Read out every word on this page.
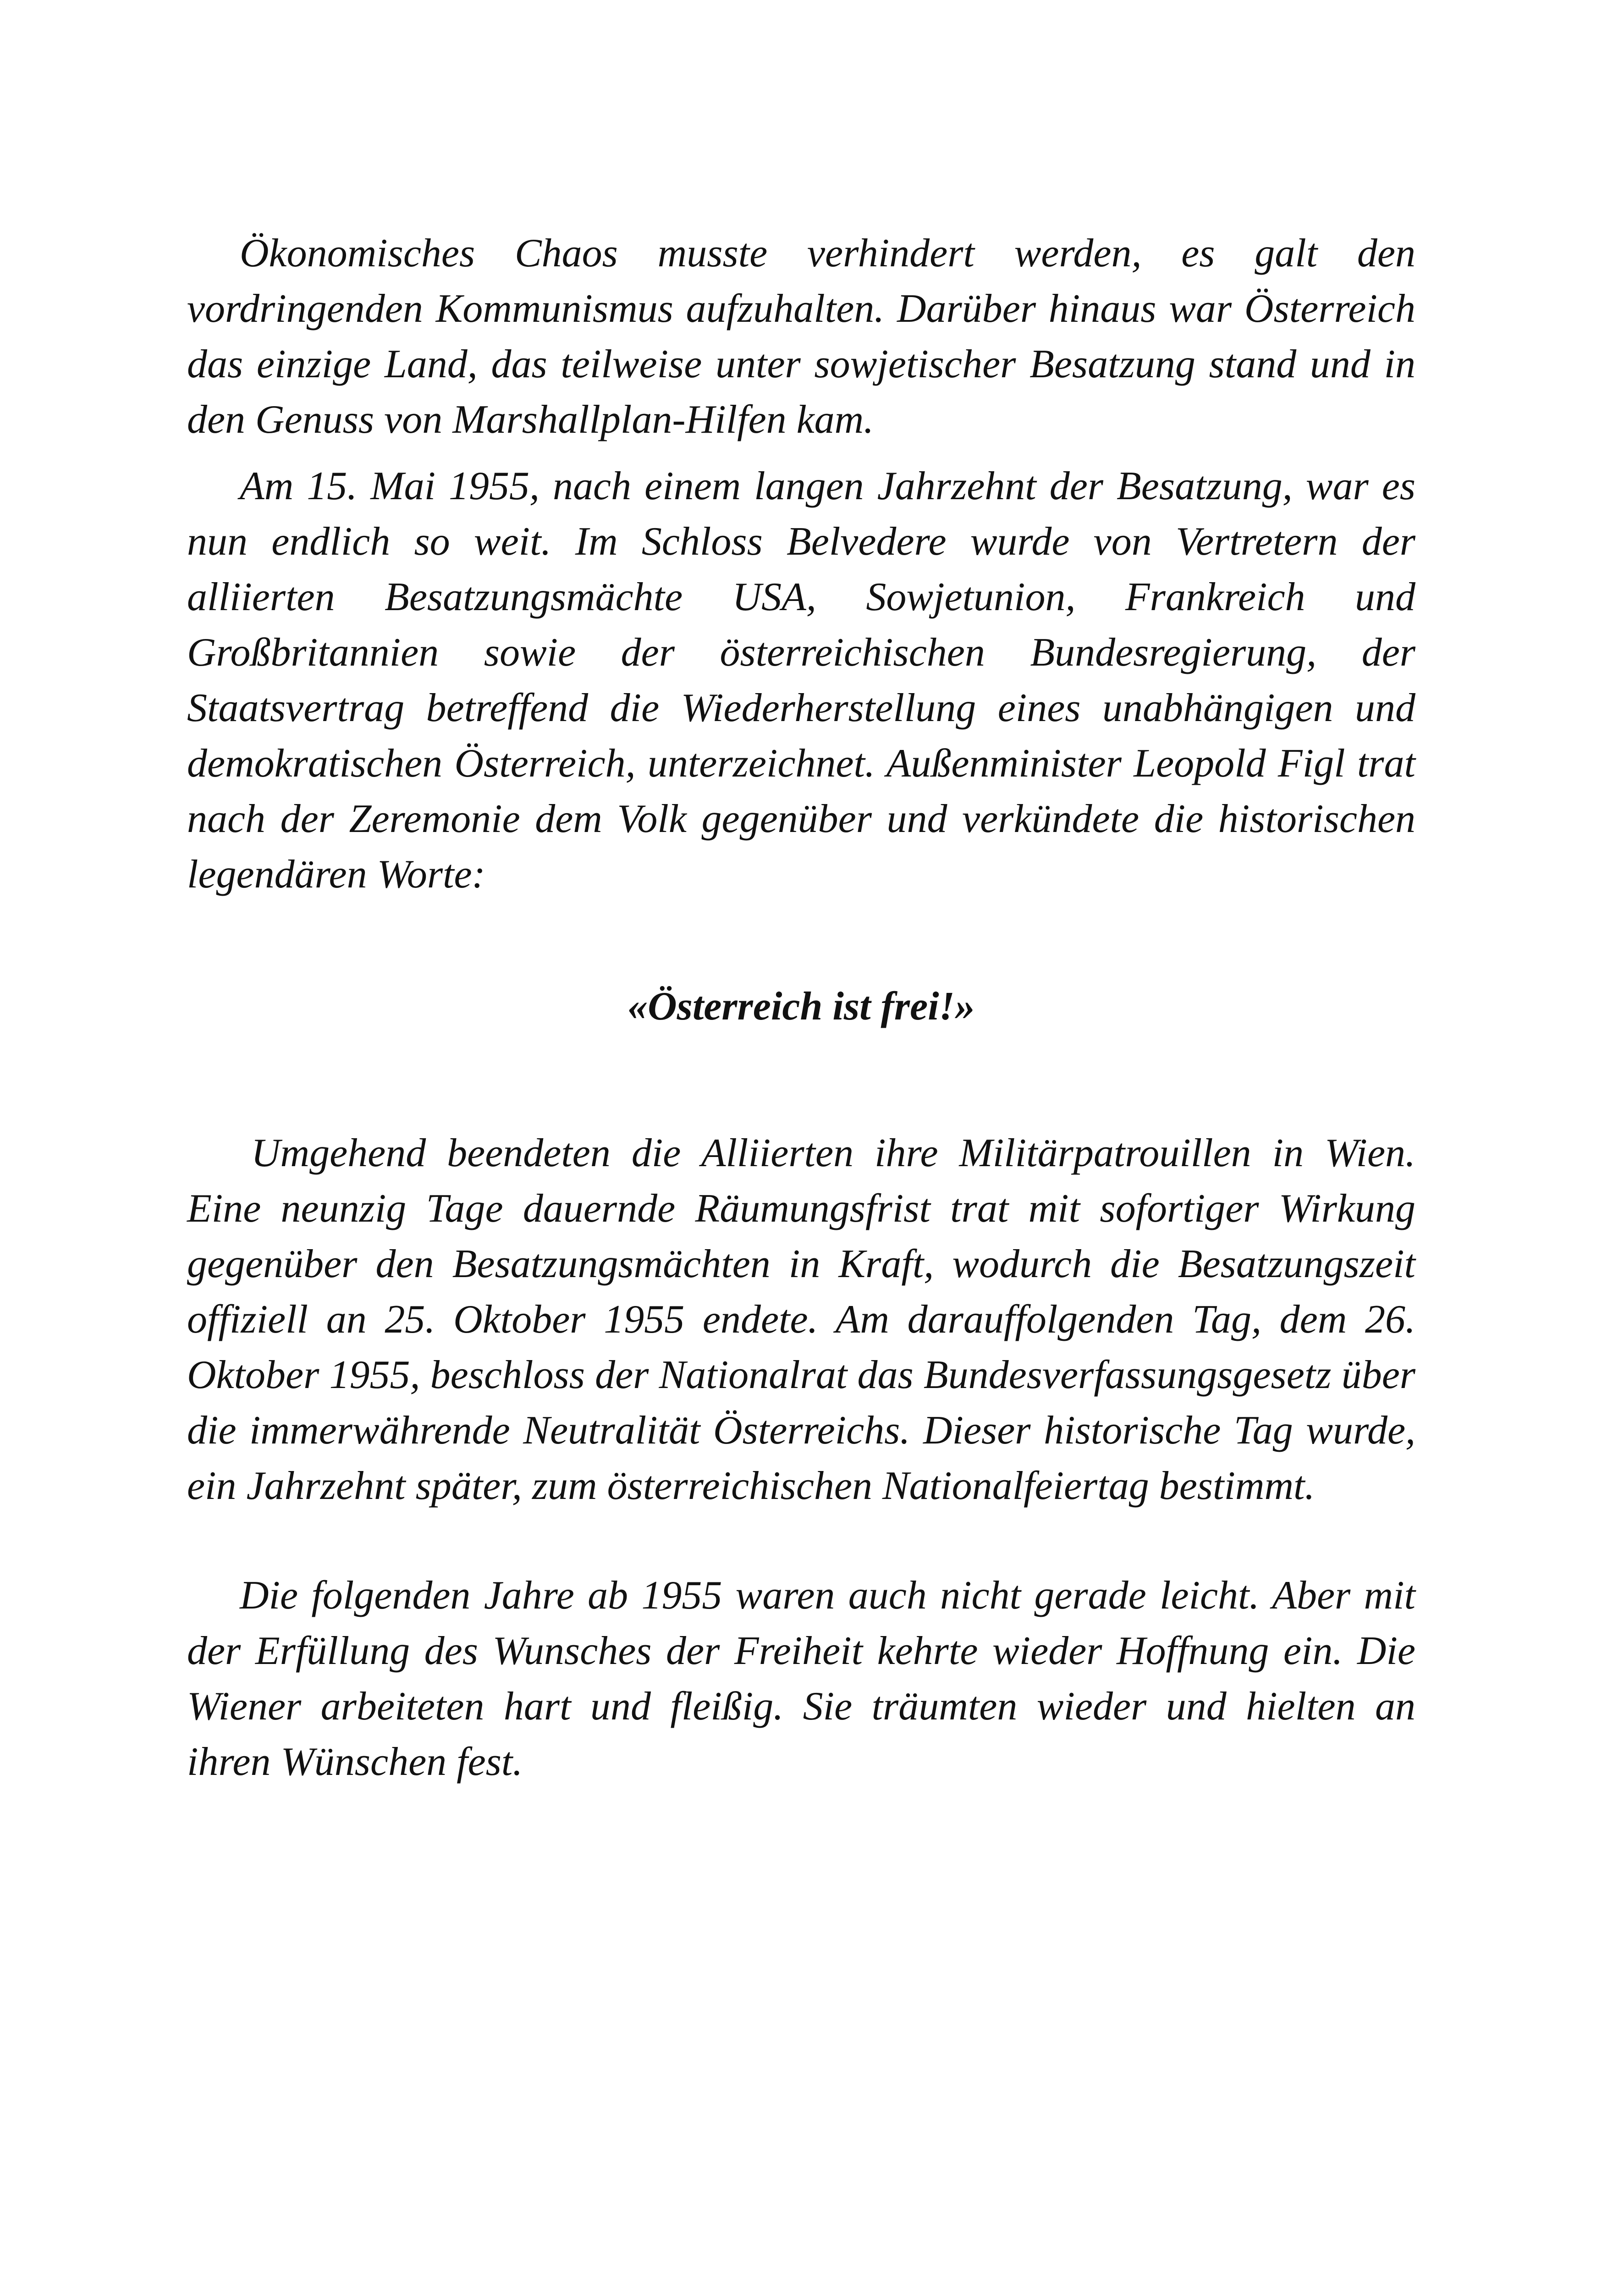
Ökonomisches Chaos musste verhindert werden, es galt den vordringenden Kommunismus aufzuhalten. Darüber hinaus war Österreich das einzige Land, das teilweise unter sowjetischer Besatzung stand und in den Genuss von Marshallplan-Hilfen kam.

Am 15. Mai 1955, nach einem langen Jahrzehnt der Besatzung, war es nun endlich so weit. Im Schloss Belvedere wurde von Vertretern der alliierten Besatzungsmächte USA, Sowjetunion, Frankreich und Großbritannien sowie der österreichischen Bundesregierung, der Staatsvertrag betreffend die Wiederherstellung eines unabhängigen und demokratischen Österreich, unterzeichnet. Außenminister Leopold Figl trat nach der Zeremonie dem Volk gegenüber und verkündete die historischen legendären Worte:

«Österreich ist frei!»

Umgehend beendeten die Alliierten ihre Militärpatrouillen in Wien. Eine neunzig Tage dauernde Räumungsfrist trat mit sofortiger Wirkung gegenüber den Besatzungsmächten in Kraft, wodurch die Besatzungszeit offiziell an 25. Oktober 1955 endete. Am darauffolgenden Tag, dem 26. Oktober 1955, beschloss der Nationalrat das Bundesverfassungsgesetz über die immerwährende Neutralität Österreichs. Dieser historische Tag wurde, ein Jahrzehnt später, zum österreichischen Nationalfeiertag bestimmt.

Die folgenden Jahre ab 1955 waren auch nicht gerade leicht. Aber mit der Erfüllung des Wunsches der Freiheit kehrte wieder Hoffnung ein. Die Wiener arbeiteten hart und fleißig. Sie träumten wieder und hielten an ihren Wünschen fest.
